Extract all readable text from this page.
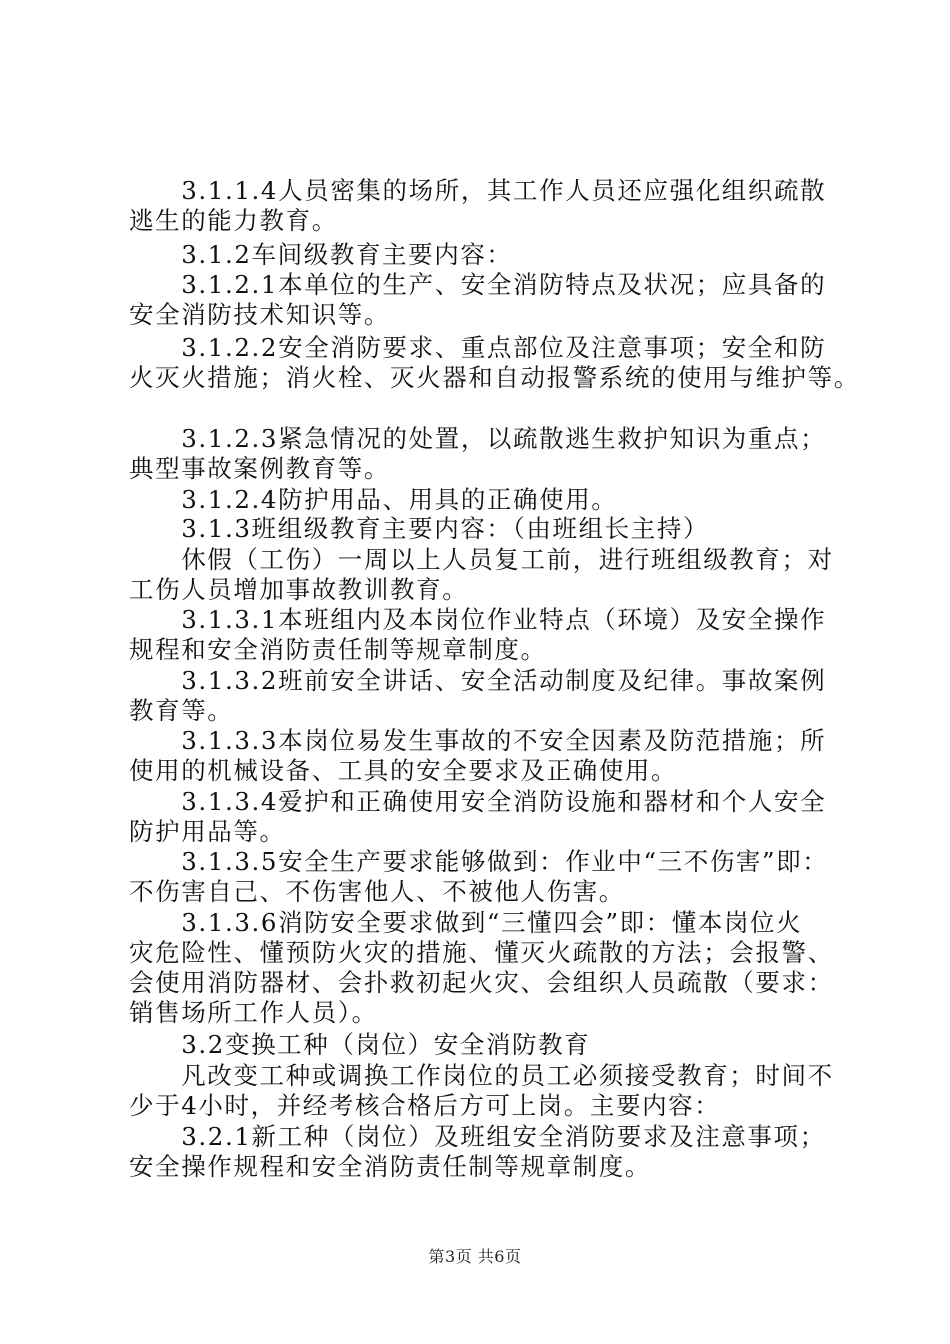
　　3.1.1.4人员密集的场所，其工作人员还应强化组织疏散
逃生的能力教育。
　　3.1.2车间级教育主要内容：
　　3.1.2.1本单位的生产、安全消防特点及状况；应具备的
安全消防技术知识等。
　　3.1.2.2安全消防要求、重点部位及注意事项；安全和防
火灭火措施；消火栓、灭火器和自动报警系统的使用与维护等。
　　3.1.2.3紧急情况的处置，以疏散逃生救护知识为重点；
典型事故案例教育等。
　　3.1.2.4防护用品、用具的正确使用。
　　3.1.3班组级教育主要内容：（由班组长主持）
　　休假（工伤）一周以上人员复工前，进行班组级教育；对
工伤人员增加事故教训教育。
　　3.1.3.1本班组内及本岗位作业特点（环境）及安全操作
规程和安全消防责任制等规章制度。
　　3.1.3.2班前安全讲话、安全活动制度及纪律。事故案例
教育等。
　　3.1.3.3本岗位易发生事故的不安全因素及防范措施；所
使用的机械设备、工具的安全要求及正确使用。
　　3.1.3.4爱护和正确使用安全消防设施和器材和个人安全
防护用品等。
　　3.1.3.5安全生产要求能够做到：作业中“三不伤害”即：
不伤害自己、不伤害他人、不被他人伤害。
　　3.1.3.6消防安全要求做到“三懂四会”即：懂本岗位火
灾危险性、懂预防火灾的措施、懂灭火疏散的方法；会报警、
会使用消防器材、会扑救初起火灾、会组织人员疏散（要求：
销售场所工作人员）。
　　3.2变换工种（岗位）安全消防教育
　　凡改变工种或调换工作岗位的员工必须接受教育；时间不
少于4小时，并经考核合格后方可上岗。主要内容：
　　3.2.1新工种（岗位）及班组安全消防要求及注意事项；
安全操作规程和安全消防责任制等规章制度。
第3页 共6页
